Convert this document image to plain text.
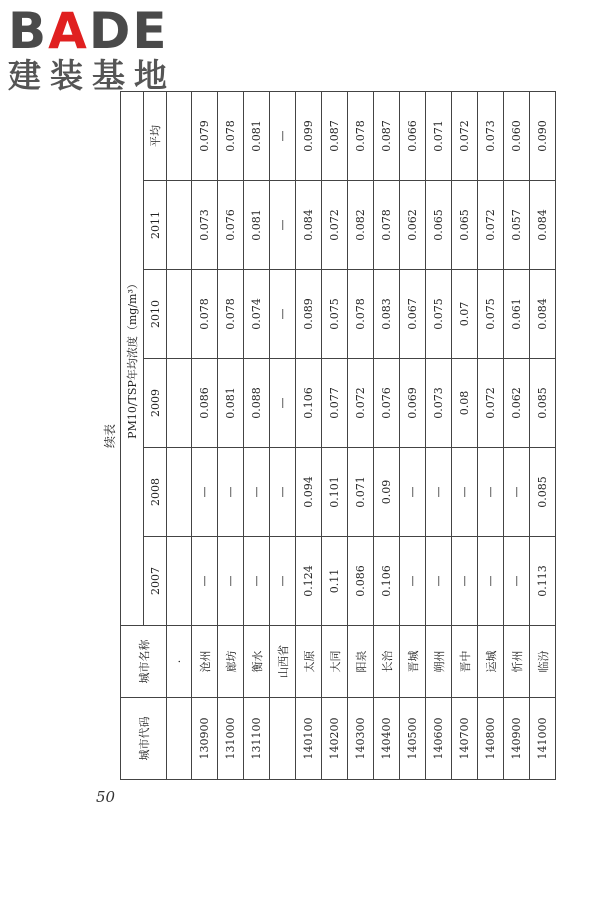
BADE
建装基地
续表
城市代码	城市名称	PM10/TSP年均浓度（mg/m³）					
		2007	2008	2009	2010	2011	平均
	·						
130900	沧州	—	—	0.086	0.078	0.073	0.079
131000	廊坊	—	—	0.081	0.078	0.076	0.078
131100	衡水	—	—	0.088	0.074	0.081	0.081
	山西省	—	—	—	—	—	—
140100	太原	0.124	0.094	0.106	0.089	0.084	0.099
140200	大同	0.11	0.101	0.077	0.075	0.072	0.087
140300	阳泉	0.086	0.071	0.072	0.078	0.082	0.078
140400	长治	0.106	0.09	0.076	0.083	0.078	0.087
140500	晋城	—	—	0.069	0.067	0.062	0.066
140600	朔州	—	—	0.073	0.075	0.065	0.071
140700	晋中	—	—	0.08	0.07	0.065	0.072
140800	运城	—	—	0.072	0.075	0.072	0.073
140900	忻州	—	—	0.062	0.061	0.057	0.060
141000	临汾	0.113	0.085	0.085	0.084	0.084	0.090
50
